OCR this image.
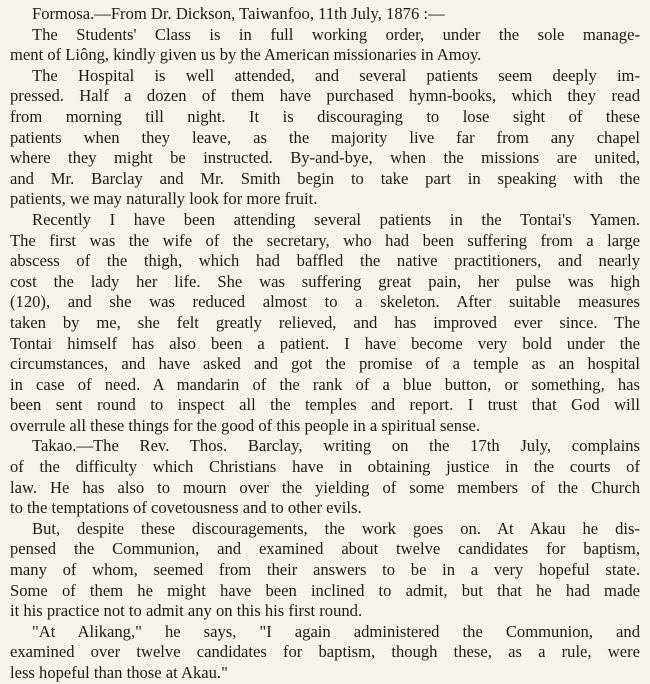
Formosa.—From Dr. Dickson, Taiwanfoo, 11th July, 1876 :—
The Students' Class is in full working order, under the sole manage-
ment of Liông, kindly given us by the American missionaries in Amoy.
The Hospital is well attended, and several patients seem deeply im-
pressed. Half a dozen of them have purchased hymn-books, which they read
from morning till night. It is discouraging to lose sight of these
patients when they leave, as the majority live far from any chapel
where they might be instructed. By-and-bye, when the missions are united,
and Mr. Barclay and Mr. Smith begin to take part in speaking with the
patients, we may naturally look for more fruit.
Recently I have been attending several patients in the Tontai's Yamen.
The first was the wife of the secretary, who had been suffering from a large
abscess of the thigh, which had baffled the native practitioners, and nearly
cost the lady her life. She was suffering great pain, her pulse was high
(120), and she was reduced almost to a skeleton. After suitable measures
taken by me, she felt greatly relieved, and has improved ever since. The
Tontai himself has also been a patient. I have become very bold under the
circumstances, and have asked and got the promise of a temple as an hospital
in case of need. A mandarin of the rank of a blue button, or something, has
been sent round to inspect all the temples and report. I trust that God will
overrule all these things for the good of this people in a spiritual sense.
Takao.—The Rev. Thos. Barclay, writing on the 17th July, complains
of the difficulty which Christians have in obtaining justice in the courts of
law. He has also to mourn over the yielding of some members of the Church
to the temptations of covetousness and to other evils.
But, despite these discouragements, the work goes on. At Akau he dis-
pensed the Communion, and examined about twelve candidates for baptism,
many of whom, seemed from their answers to be in a very hopeful state.
Some of them he might have been inclined to admit, but that he had made
it his practice not to admit any on this his first round.
"At Alikang," he says, "I again administered the Communion, and
examined over twelve candidates for baptism, though these, as a rule, were
less hopeful than those at Akau."
